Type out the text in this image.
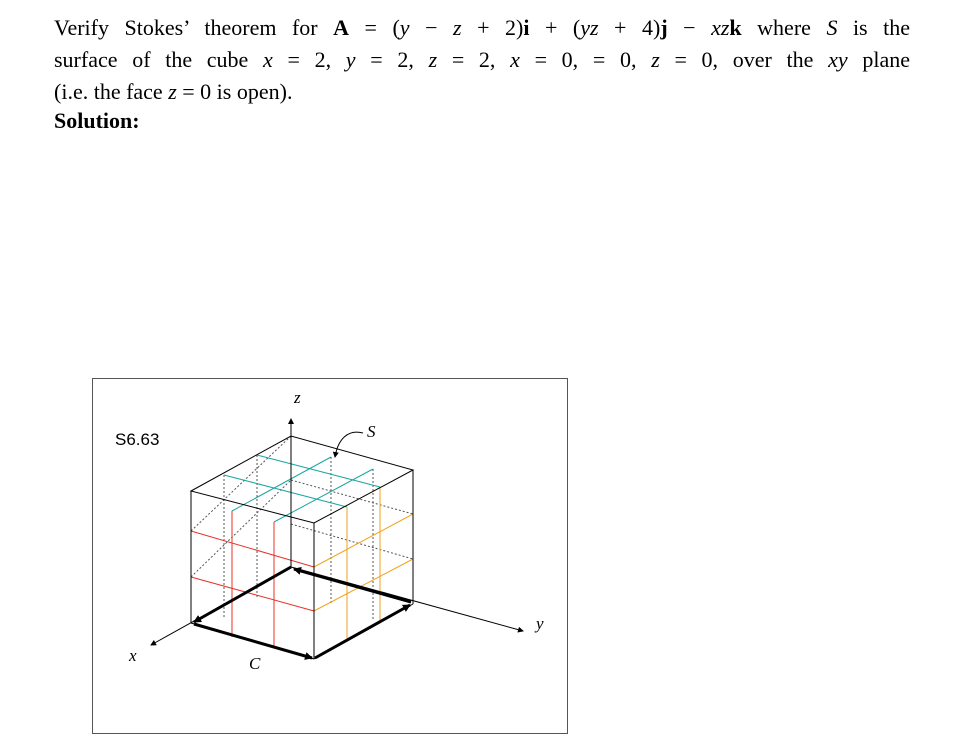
Verify Stokes’ theorem for A = (y − z + 2)i + (yz + 4)j − xzk where S is the
surface of the cube x = 2, y = 2, z = 2, x = 0, = 0, z = 0, over the xy plane
(i.e. the face z = 0 is open).
Solution:
S6.63
z
S
y
x	C
